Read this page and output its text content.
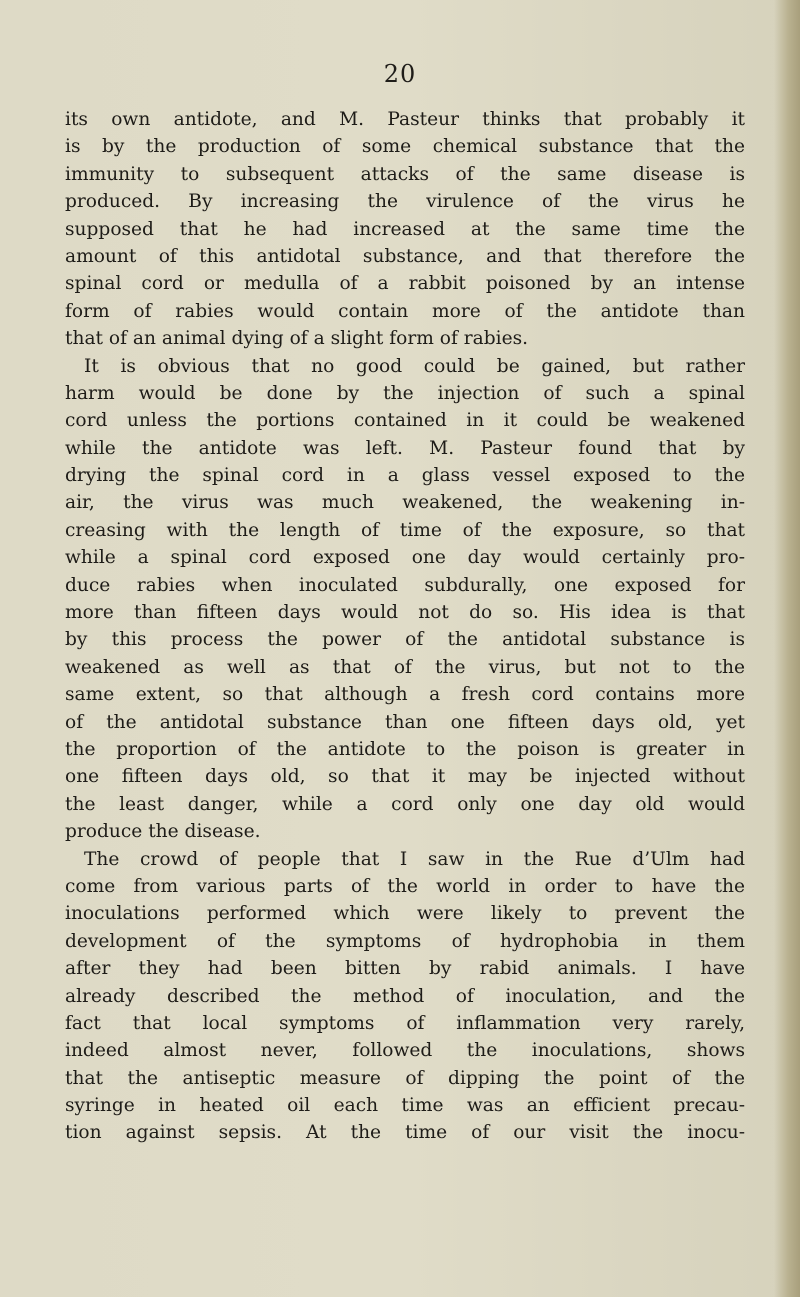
20
its own antidote, and M. Pasteur thinks that probably it
is by the production of some chemical substance that the
immunity to subsequent attacks of the same disease is
produced. By increasing the virulence of the virus he
supposed that he had increased at the same time the
amount of this antidotal substance, and that therefore the
spinal cord or medulla of a rabbit poisoned by an intense
form of rabies would contain more of the antidote than
that of an animal dying of a slight form of rabies.
It is obvious that no good could be gained, but rather
harm would be done by the injection of such a spinal
cord unless the portions contained in it could be weakened
while the antidote was left. M. Pasteur found that by
drying the spinal cord in a glass vessel exposed to the
air, the virus was much weakened, the weakening in-
creasing with the length of time of the exposure, so that
while a spinal cord exposed one day would certainly pro-
duce rabies when inoculated subdurally, one exposed for
more than fifteen days would not do so. His idea is that
by this process the power of the antidotal substance is
weakened as well as that of the virus, but not to the
same extent, so that although a fresh cord contains more
of the antidotal substance than one fifteen days old, yet
the proportion of the antidote to the poison is greater in
one fifteen days old, so that it may be injected without
the least danger, while a cord only one day old would
produce the disease.
The crowd of people that I saw in the Rue d’Ulm had
come from various parts of the world in order to have the
inoculations performed which were likely to prevent the
development of the symptoms of hydrophobia in them
after they had been bitten by rabid animals. I have
already described the method of inoculation, and the
fact that local symptoms of inflammation very rarely,
indeed almost never, followed the inoculations, shows
that the antiseptic measure of dipping the point of the
syringe in heated oil each time was an efficient precau-
tion against sepsis. At the time of our visit the inocu-
